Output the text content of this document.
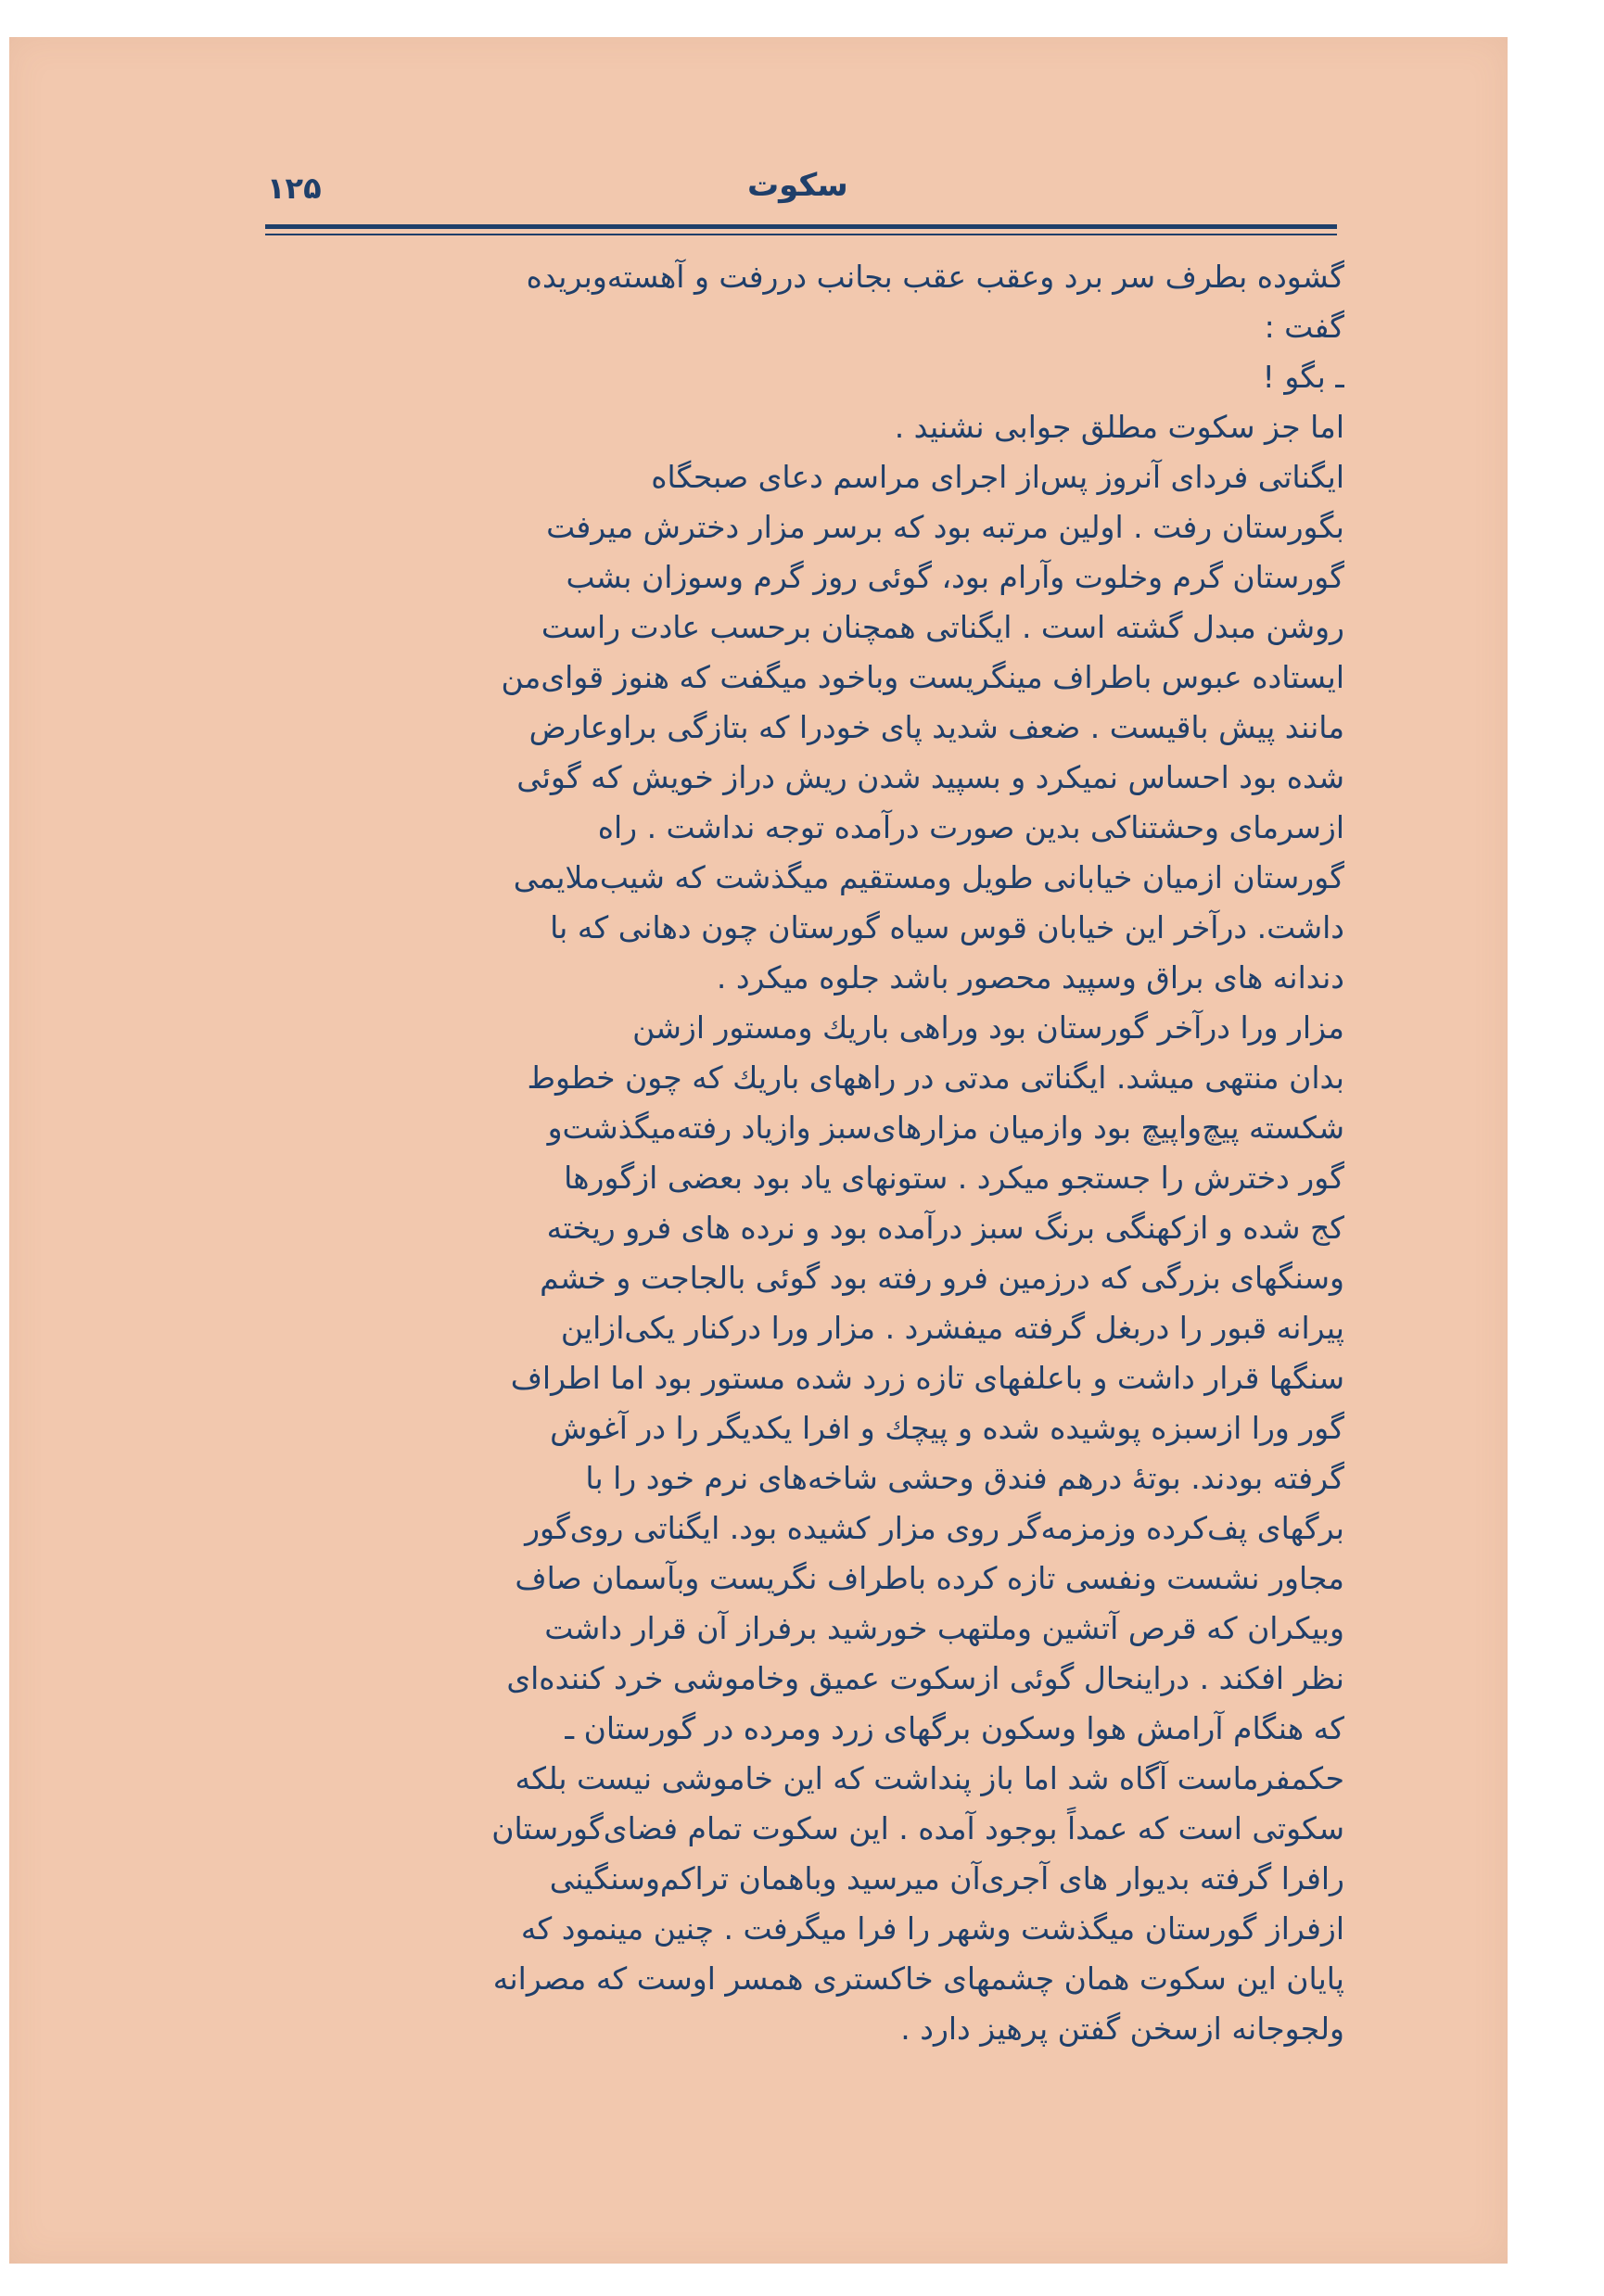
سکوت
۱۲۵
گشوده بطرف سر برد وعقب عقب بجانب دررفت و آهسته‌وبریده
گفت :
ـ بگو !
اما جز سکوت مطلق جوابی نشنید .
ایگناتی فردای آنروز پس‌از اجرای مراسم دعای صبحگاه
بگورستان رفت . اولین مرتبه بود که برسر مزار دخترش میرفت
گورستان گرم وخلوت وآرام بود، گوئی روز گرم وسوزان بشب
روشن مبدل گشته است . ایگناتی همچنان برحسب عادت راست
ایستاده عبوس باطراف مینگریست وباخود میگفت که هنوز قوای‌من
مانند پیش باقیست . ضعف شدید پای خودرا که بتازگی براوعارض
شده بود احساس نمیکرد و بسپید شدن ریش دراز خویش که گوئی
ازسرمای وحشتناکی بدین صورت درآمده توجه نداشت . راه
گورستان ازمیان خیابانی طویل ومستقیم میگذشت که شیب‌ملایمی
داشت. درآخر این خیابان قوس سیاه گورستان چون دهانی که با
دندانه های براق وسپید محصور باشد جلوه میکرد .
مزار ورا درآخر گورستان بود وراهی باریك ومستور ازشن
بدان منتهی میشد. ایگناتی مدتی در راههای باریك که چون خطوط
شکسته پیچ‌واپیچ بود وازمیان مزارهای‌سبز وازیاد رفته‌میگذشت‌و
گور دخترش را جستجو میکرد . ستونهای یاد بود بعضی ازگورها
کج شده و ازکهنگی برنگ سبز درآمده بود و نرده های فرو ریخته
وسنگهای بزرگی که درزمین فرو رفته بود گوئی بالجاجت و خشم
پیرانه قبور را دربغل گرفته میفشرد . مزار ورا درکنار یکی‌ازاین
سنگها قرار داشت و باعلفهای تازه زرد شده مستور بود اما اطراف
گور ورا ازسبزه پوشیده شده و پیچك و افرا یکدیگر را در آغوش
گرفته بودند. بوتهٔ درهم فندق وحشی شاخه‌های نرم خود را با
برگهای پف‌کرده وزمزمه‌گر روی مزار کشیده بود. ایگناتی روی‌گور
مجاور نشست ونفسی تازه کرده باطراف نگریست وبآسمان صاف
وبیکران که قرص آتشین وملتهب خورشید برفراز آن قرار داشت
نظر افکند . دراینحال گوئی ازسکوت عمیق وخاموشی خرد کننده‌ای
که هنگام آرامش هوا وسکون برگهای زرد ومرده در گورستان ـ
حکمفرماست آگاه شد اما باز پنداشت که این خاموشی نیست بلکه
سکوتی است که عمداً بوجود آمده . این سکوت تمام فضای‌گورستان
رافرا گرفته بدیوار های آجری‌آن میرسید وباهمان تراکم‌وسنگینی
ازفراز گورستان میگذشت وشهر را فرا میگرفت . چنین مینمود که
پایان این سکوت همان چشمهای خاکستری همسر اوست که مصرانه
ولجوجانه ازسخن گفتن پرهیز دارد .
